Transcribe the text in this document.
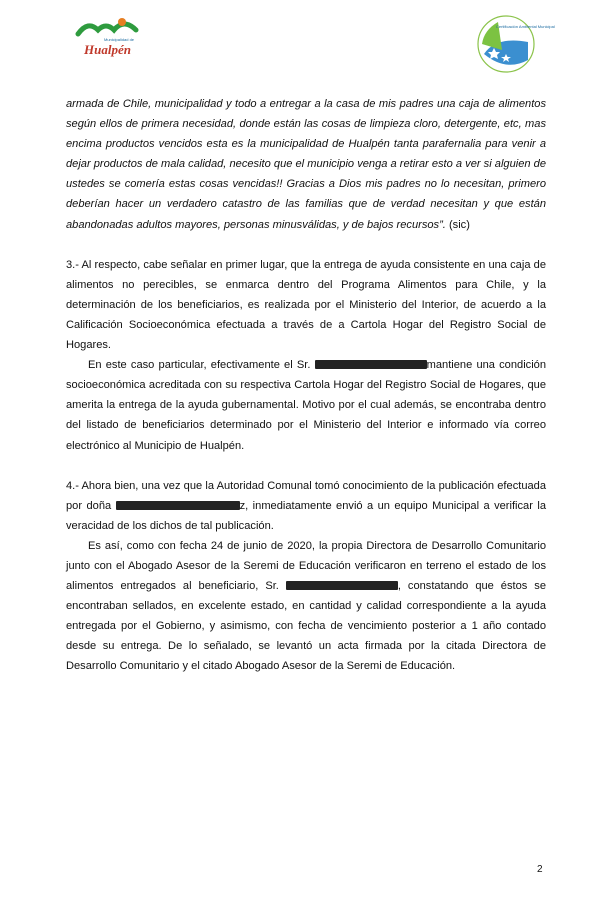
Municipalidad de
Hualpén
Certificación Ambiental Municipal

armada de Chile, municipalidad y todo a entregar a la casa de mis padres una caja de alimentos según ellos de primera necesidad, donde están las cosas de limpieza cloro, detergente, etc, mas encima productos vencidos esta es la municipalidad de Hualpén tanta parafernalia para venir a dejar productos de mala calidad, necesito que el municipio venga a retirar esto a ver si alguien de ustedes se comería estas cosas vencidas!! Gracias a Dios mis padres no lo necesitan, primero deberían hacer un verdadero catastro de las familias que de verdad necesitan y que están abandonadas adultos mayores, personas minusválidas, y de bajos recursos”. (sic)

3.- Al respecto, cabe señalar en primer lugar, que la entrega de ayuda consistente en una caja de alimentos no perecibles, se enmarca dentro del Programa Alimentos para Chile, y la determinación de los beneficiarios, es realizada por el Ministerio del Interior, de acuerdo a la Calificación Socioeconómica efectuada a través de a Cartola Hogar del Registro Social de Hogares.

En este caso particular, efectivamente el Sr.	mantiene una condición socioeconómica acreditada con su respectiva Cartola Hogar del Registro Social de Hogares, que amerita la entrega de la ayuda gubernamental. Motivo por el cual además, se encontraba dentro del listado de beneficiarios determinado por el Ministerio del Interior e informado vía correo electrónico al Municipio de Hualpén.

4.- Ahora bien, una vez que la Autoridad Comunal tomó conocimiento de la publicación efectuada por doña	z, inmediatamente envió a un equipo Municipal a verificar la veracidad de los dichos de tal publicación.

Es así, como con fecha 24 de junio de 2020, la propia Directora de Desarrollo Comunitario junto con el Abogado Asesor de la Seremi de Educación verificaron en terreno el estado de los alimentos entregados al beneficiario, Sr.	, constatando que éstos se encontraban sellados, en excelente estado, en cantidad y calidad correspondiente a la ayuda entregada por el Gobierno, y asimismo, con fecha de vencimiento posterior a 1 año contado desde su entrega. De lo señalado, se levantó un acta firmada por la citada Directora de Desarrollo Comunitario y el citado Abogado Asesor de la Seremi de Educación.

2
